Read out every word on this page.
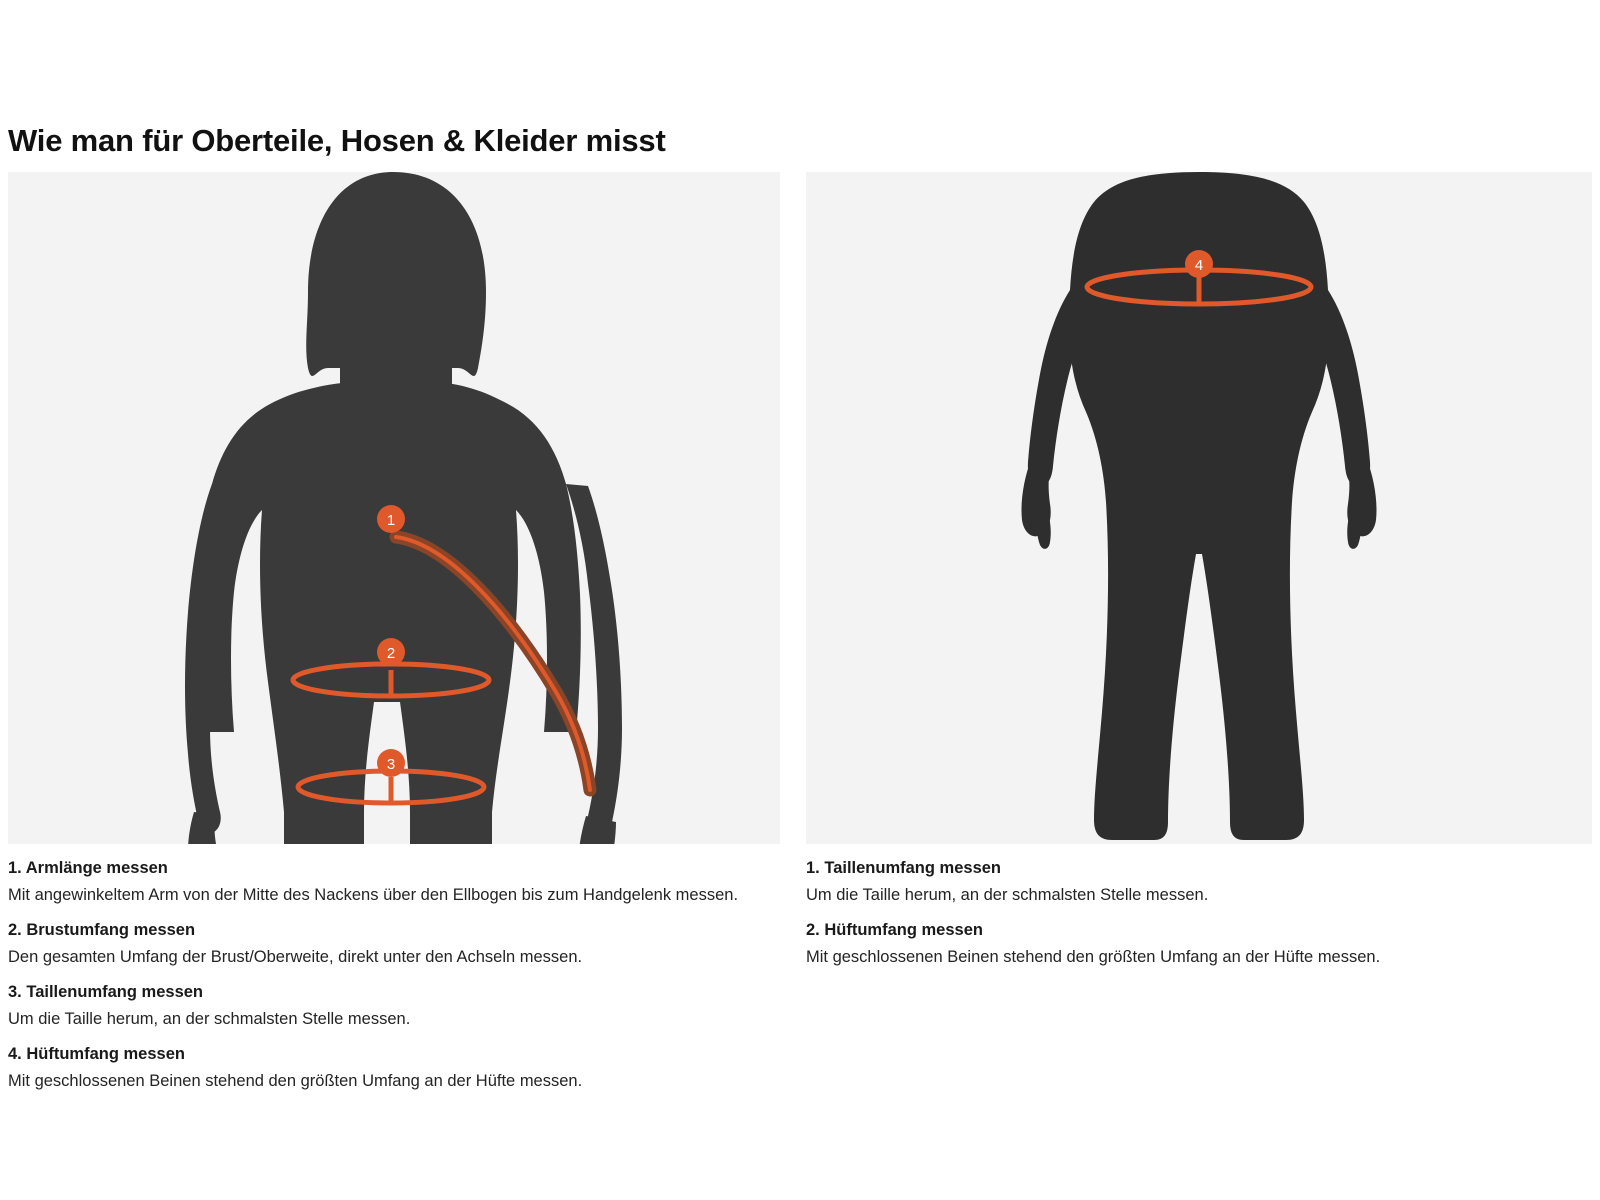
Wie man für Oberteile, Hosen & Kleider misst
1
2
3
4

1. Armlänge messen

Mit angewinkeltem Arm von der Mitte des Nackens über den Ellbogen bis zum Handgelenk messen.

2. Brustumfang messen

Den gesamten Umfang der Brust/Oberweite, direkt unter den Achseln messen.

3. Taillenumfang messen

Um die Taille herum, an der schmalsten Stelle messen.

4. Hüftumfang messen

Mit geschlossenen Beinen stehend den größten Umfang an der Hüfte messen.

1. Taillenumfang messen

Um die Taille herum, an der schmalsten Stelle messen.

2. Hüftumfang messen

Mit geschlossenen Beinen stehend den größten Umfang an der Hüfte messen.
